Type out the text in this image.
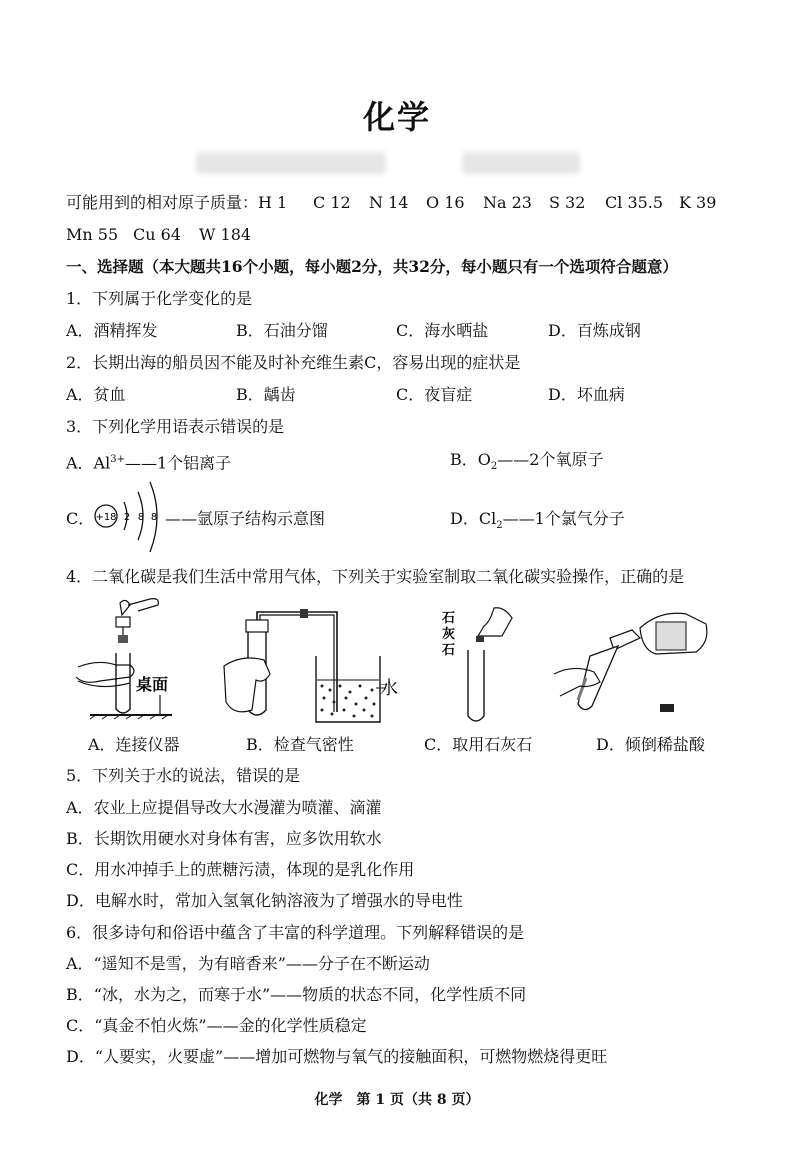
化学
可能用到的相对原子质量：H 1 C 12 N 14 O 16 Na 23 S 32 Cl 35.5 K 39
Mn 55 Cu 64 W 184
一、选择题（本大题共16个小题，每小题2分，共32分，每小题只有一个选项符合题意）
1．下列属于化学变化的是
A．酒精挥发	B．石油分馏	C．海水晒盐	D．百炼成钢
2．长期出海的船员因不能及时补充维生素C，容易出现的症状是
A．贫血	B．龋齿	C．夜盲症	D．坏血病
3．下列化学用语表示错误的是
A．$Al^{3+}——1$个铝离子	B．$O_2——2$个氧原子
C． +18 2 8 8 ——氩原子结构示意图	D．$Cl_2——1$个氯气分子
4．二氧化碳是我们生活中常用气体，下列关于实验室制取二氧化碳实验操作，正确的是
桌面	水
石
灰
石
A．连接仪器	B．检查气密性	C．取用石灰石	D．倾倒稀盐酸
5．下列关于水的说法，错误的是
A．农业上应提倡导改大水漫灌为喷灌、滴灌
B．长期饮用硬水对身体有害，应多饮用软水
C．用水冲掉手上的蔗糖污渍，体现的是乳化作用
D．电解水时，常加入氢氧化钠溶液为了增强水的导电性
6．很多诗句和俗语中蕴含了丰富的科学道理。下列解释错误的是
A．“遥知不是雪，为有暗香来”——分子在不断运动
B．“冰，水为之，而寒于水”——物质的状态不同，化学性质不同
C．“真金不怕火炼”——金的化学性质稳定
D．“人要实，火要虚”——增加可燃物与氧气的接触面积，可燃物燃烧得更旺
化学　第 1 页（共 8 页）
